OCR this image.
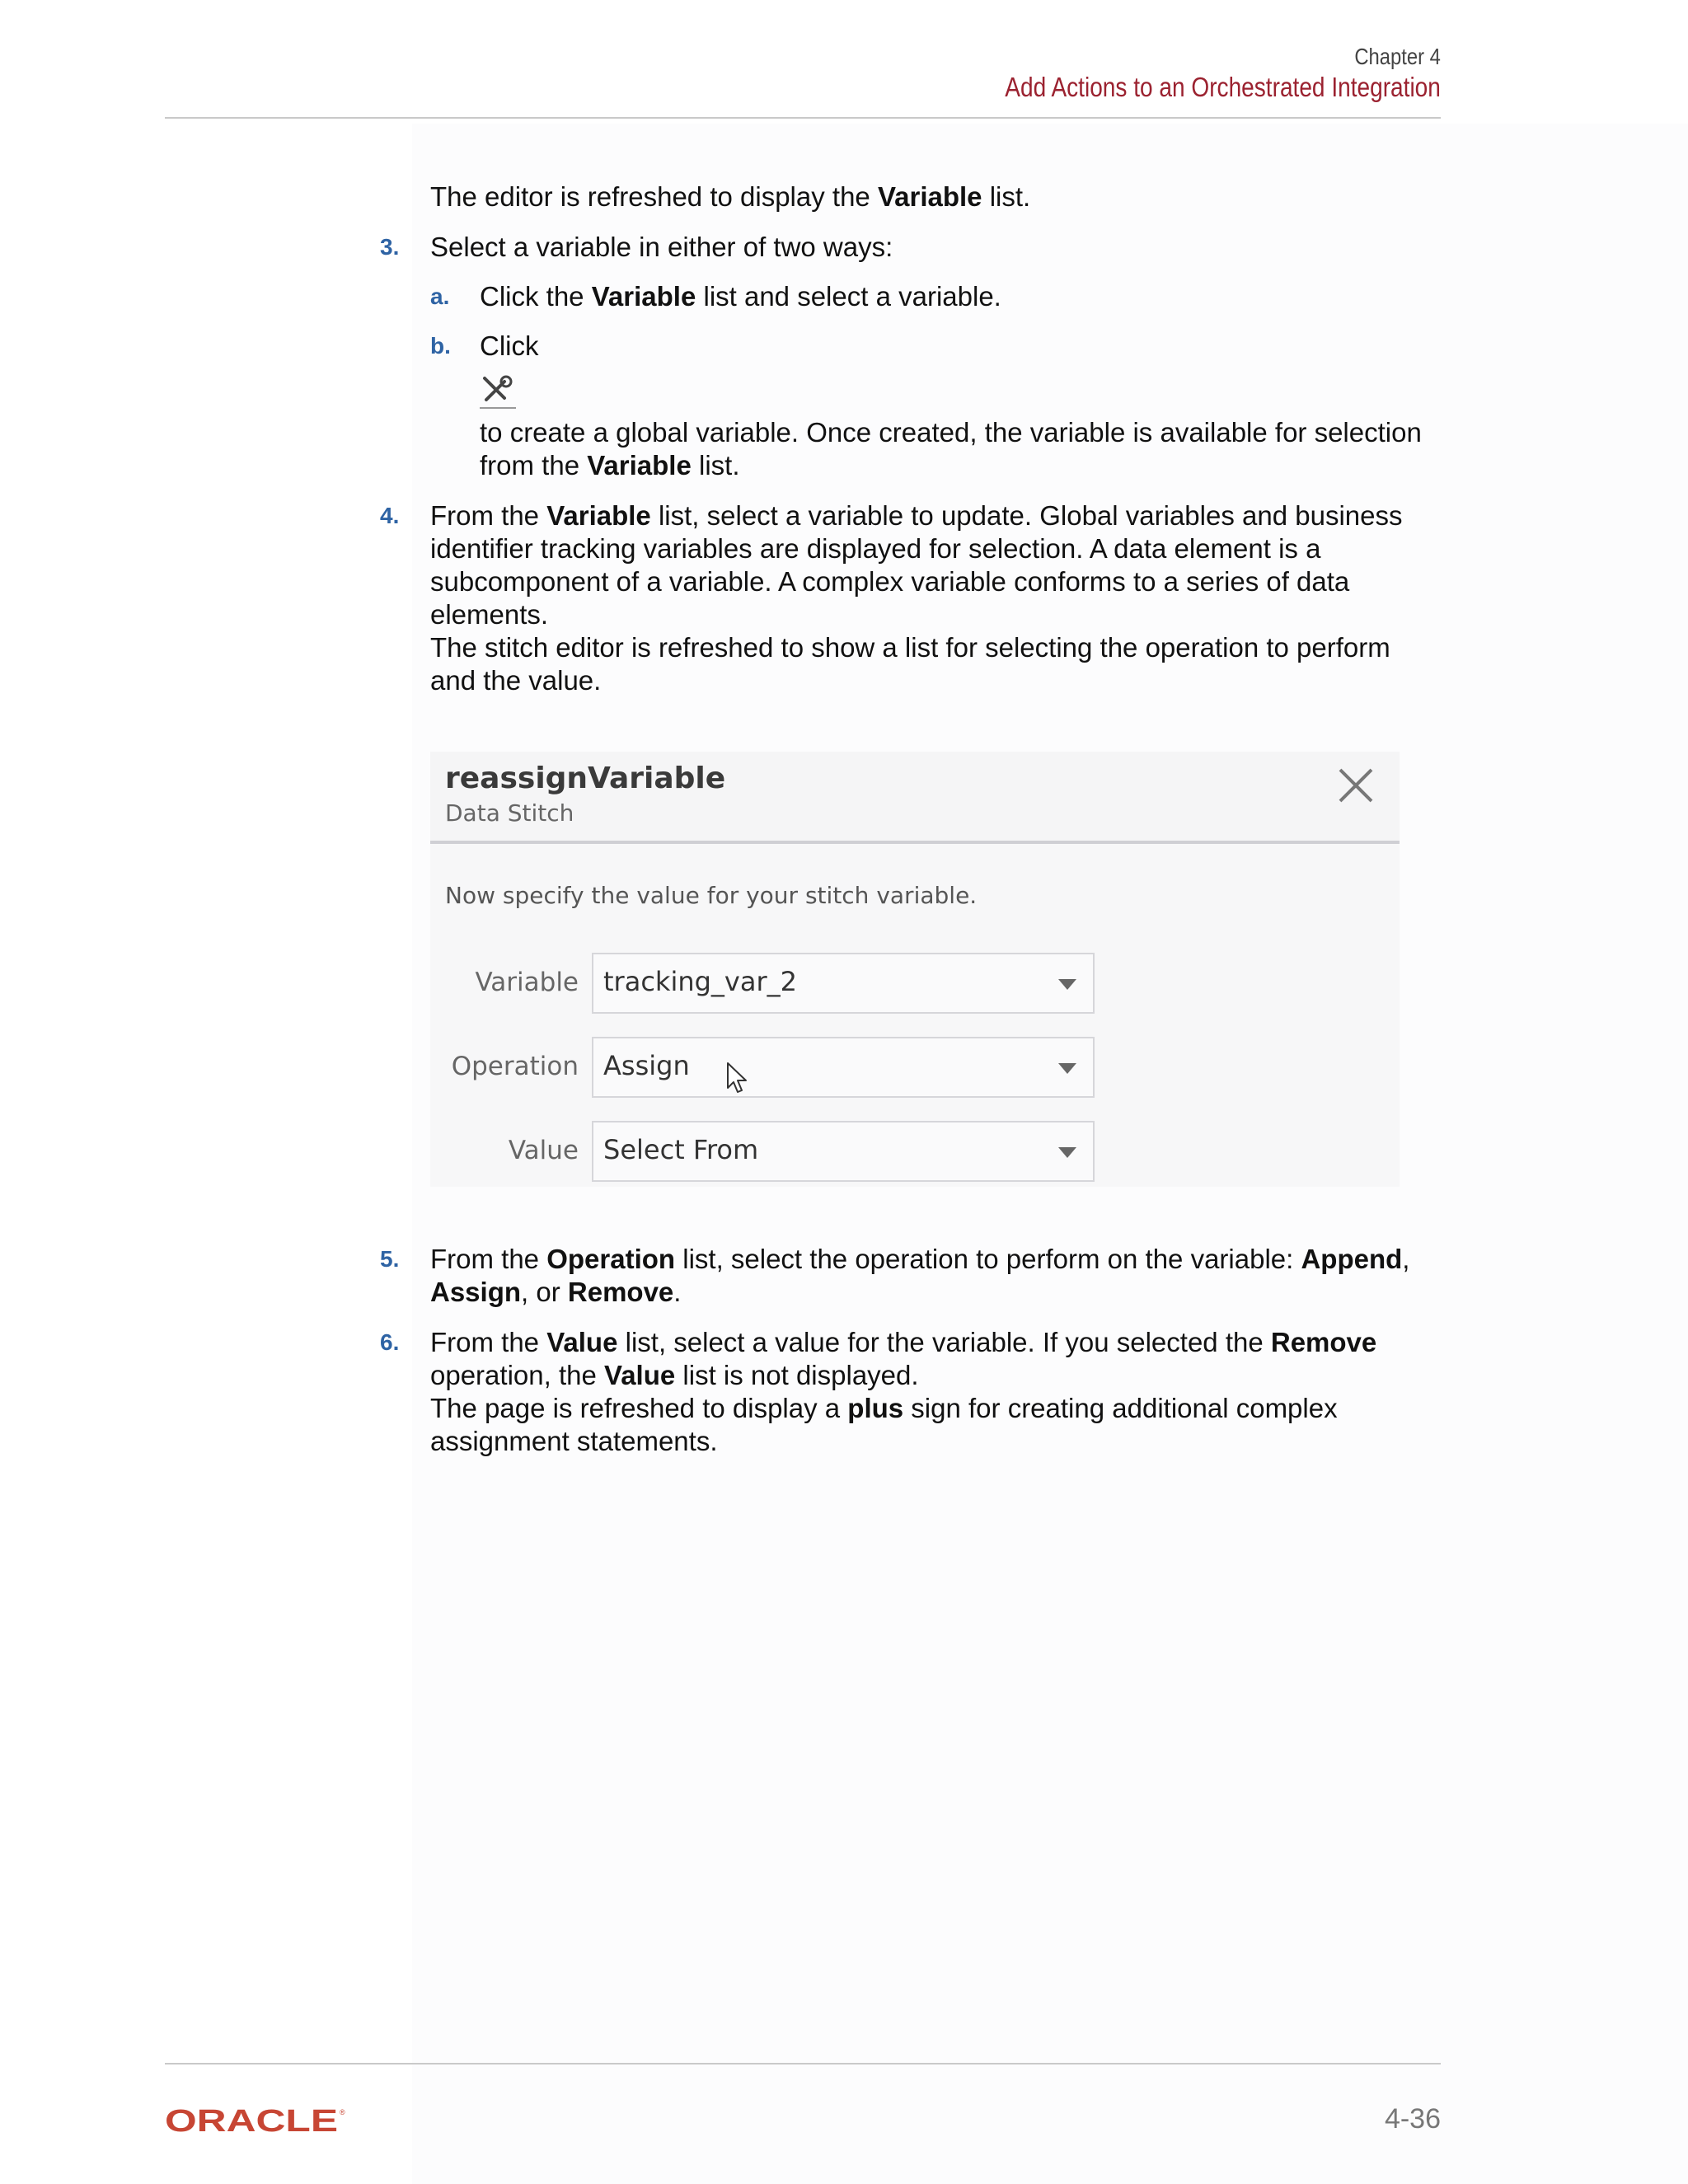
Chapter 4
Add Actions to an Orchestrated Integration
The editor is refreshed to display the Variable list.
3. Select a variable in either of two ways:
a. Click the Variable list and select a variable.
b. Click
to create a global variable. Once created, the variable is available for selection
from the Variable list.
4. From the Variable list, select a variable to update. Global variables and business
identifier tracking variables are displayed for selection. A data element is a
subcomponent of a variable. A complex variable conforms to a series of data
elements.
The stitch editor is refreshed to show a list for selecting the operation to perform
and the value.
reassignVariable
Data Stitch
Now specify the value for your stitch variable.
Variable tracking_var_2
Operation Assign
Value Select From
5. From the Operation list, select the operation to perform on the variable: Append,
Assign, or Remove.
6. From the Value list, select a value for the variable. If you selected the Remove
operation, the Value list is not displayed.
The page is refreshed to display a plus sign for creating additional complex
assignment statements.
ORACLE ®	4-36
